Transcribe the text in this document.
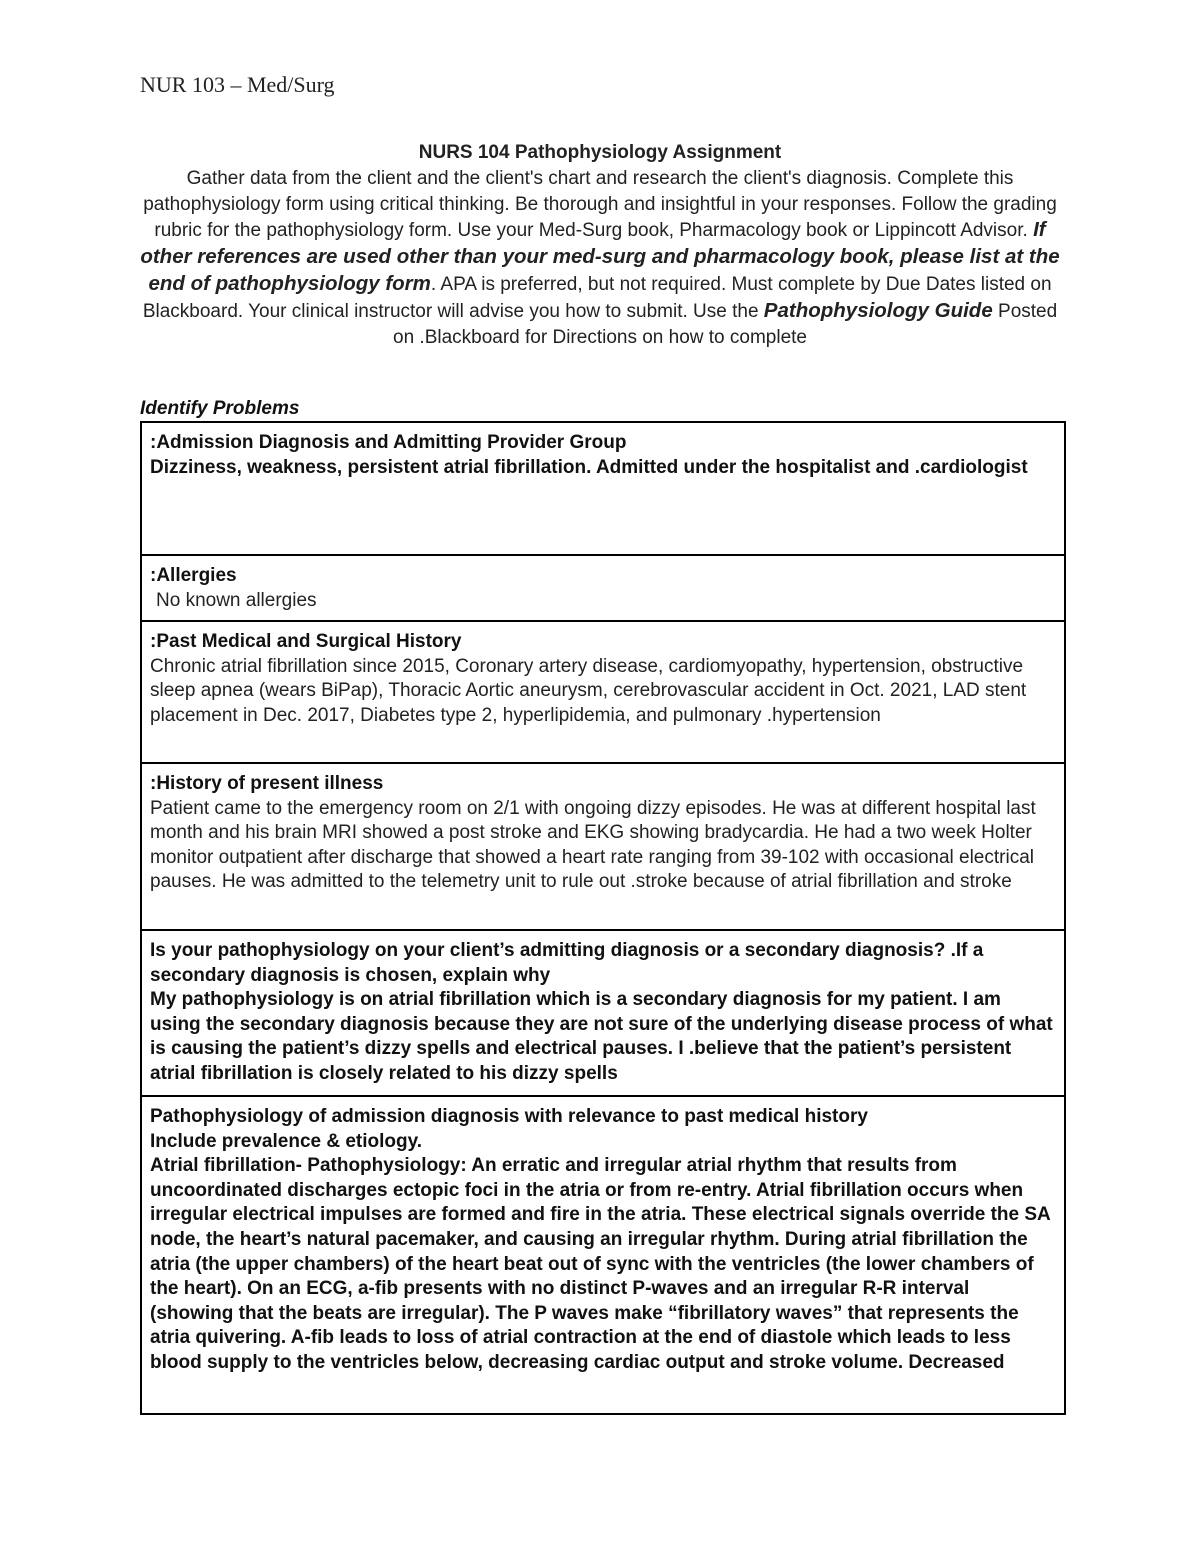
NUR 103 – Med/Surg
NURS 104 Pathophysiology Assignment
Gather data from the client and the client's chart and research the client's diagnosis. Complete this pathophysiology form using critical thinking. Be thorough and insightful in your responses. Follow the grading rubric for the pathophysiology form. Use your Med-Surg book, Pharmacology book or Lippincott Advisor. If other references are used other than your med-surg and pharmacology book, please list at the end of pathophysiology form. APA is preferred, but not required. Must complete by Due Dates listed on Blackboard. Your clinical instructor will advise you how to submit. Use the Pathophysiology Guide Posted on .Blackboard for Directions on how to complete
Identify Problems
:Admission Diagnosis and Admitting Provider Group
Dizziness, weakness, persistent atrial fibrillation. Admitted under the hospitalist and .cardiologist
:Allergies
No known allergies
:Past Medical and Surgical History
Chronic atrial fibrillation since 2015, Coronary artery disease, cardiomyopathy, hypertension, obstructive sleep apnea (wears BiPap), Thoracic Aortic aneurysm, cerebrovascular accident in Oct. 2021, LAD stent placement in Dec. 2017, Diabetes type 2, hyperlipidemia, and pulmonary .hypertension
:History of present illness
Patient came to the emergency room on 2/1 with ongoing dizzy episodes. He was at different hospital last month and his brain MRI showed a post stroke and EKG showing bradycardia. He had a two week Holter monitor outpatient after discharge that showed a heart rate ranging from 39-102 with occasional electrical pauses. He was admitted to the telemetry unit to rule out .stroke because of atrial fibrillation and stroke
Is your pathophysiology on your client’s admitting diagnosis or a secondary diagnosis? .If a secondary diagnosis is chosen, explain why
My pathophysiology is on atrial fibrillation which is a secondary diagnosis for my patient. I am using the secondary diagnosis because they are not sure of the underlying disease process of what is causing the patient’s dizzy spells and electrical pauses. I .believe that the patient’s persistent atrial fibrillation is closely related to his dizzy spells
Pathophysiology of admission diagnosis with relevance to past medical history
Include prevalence & etiology.
Atrial fibrillation- Pathophysiology: An erratic and irregular atrial rhythm that results from uncoordinated discharges ectopic foci in the atria or from re-entry. Atrial fibrillation occurs when irregular electrical impulses are formed and fire in the atria. These electrical signals override the SA node, the heart’s natural pacemaker, and causing an irregular rhythm. During atrial fibrillation the atria (the upper chambers) of the heart beat out of sync with the ventricles (the lower chambers of the heart). On an ECG, a-fib presents with no distinct P-waves and an irregular R-R interval (showing that the beats are irregular). The P waves make “fibrillatory waves” that represents the atria quivering. A-fib leads to loss of atrial contraction at the end of diastole which leads to less blood supply to the ventricles below, decreasing cardiac output and stroke volume. Decreased
